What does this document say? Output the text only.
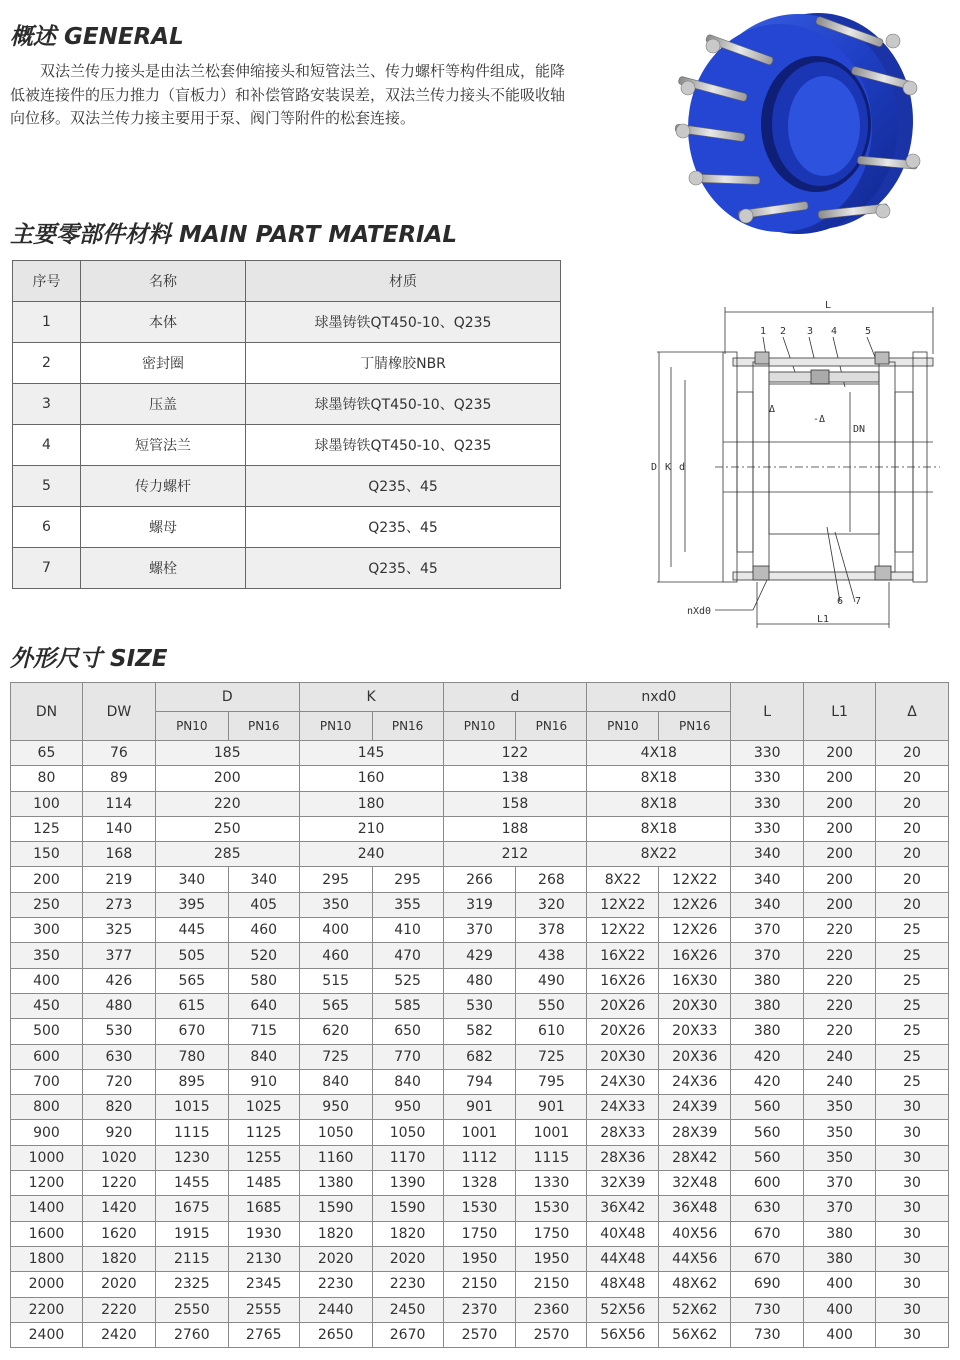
概述 GENERAL

双法兰传力接头是由法兰松套伸缩接头和短管法兰、传力螺杆等构件组成，能降低被连接件的压力推力（盲板力）和补偿管路安装误差，双法兰传力接头不能吸收轴向位移。双法兰传力接主要用于泵、阀门等附件的松套连接。

主要零部件材料 MAIN PART MATERIAL
序号	名称	材质
1	本体	球墨铸铁QT450-10、Q235
2	密封圈	丁腈橡胶NBR
3	压盖	球墨铸铁QT450-10、Q235
4	短管法兰	球墨铸铁QT450-10、Q235
5	传力螺杆	Q235、45
6	螺母	Q235、45
7	螺栓	Q235、45
L
1 2 3 4	5
D K d
DN
Δ
-Δ
6 7
nXd0
L1
外形尺寸 SIZE
DN	DW	D		K		d		nxd0		L	L1	Δ
		PN10	PN16	PN10	PN16	PN10	PN16	PN10	PN16			
65	76	185		145		122		4X18		330	200	20
80	89	200		160		138		8X18		330	200	20
100	114	220		180		158		8X18		330	200	20
125	140	250		210		188		8X18		330	200	20
150	168	285		240		212		8X22		340	200	20
200	219	340	340	295	295	266	268	8X22	12X22	340	200	20
250	273	395	405	350	355	319	320	12X22	12X26	340	200	20
300	325	445	460	400	410	370	378	12X22	12X26	370	220	25
350	377	505	520	460	470	429	438	16X22	16X26	370	220	25
400	426	565	580	515	525	480	490	16X26	16X30	380	220	25
450	480	615	640	565	585	530	550	20X26	20X30	380	220	25
500	530	670	715	620	650	582	610	20X26	20X33	380	220	25
600	630	780	840	725	770	682	725	20X30	20X36	420	240	25
700	720	895	910	840	840	794	795	24X30	24X36	420	240	25
800	820	1015	1025	950	950	901	901	24X33	24X39	560	350	30
900	920	1115	1125	1050	1050	1001	1001	28X33	28X39	560	350	30
1000	1020	1230	1255	1160	1170	1112	1115	28X36	28X42	560	350	30
1200	1220	1455	1485	1380	1390	1328	1330	32X39	32X48	600	370	30
1400	1420	1675	1685	1590	1590	1530	1530	36X42	36X48	630	370	30
1600	1620	1915	1930	1820	1820	1750	1750	40X48	40X56	670	380	30
1800	1820	2115	2130	2020	2020	1950	1950	44X48	44X56	670	380	30
2000	2020	2325	2345	2230	2230	2150	2150	48X48	48X62	690	400	30
2200	2220	2550	2555	2440	2450	2370	2360	52X56	52X62	730	400	30
2400	2420	2760	2765	2650	2670	2570	2570	56X56	56X62	730	400	30
